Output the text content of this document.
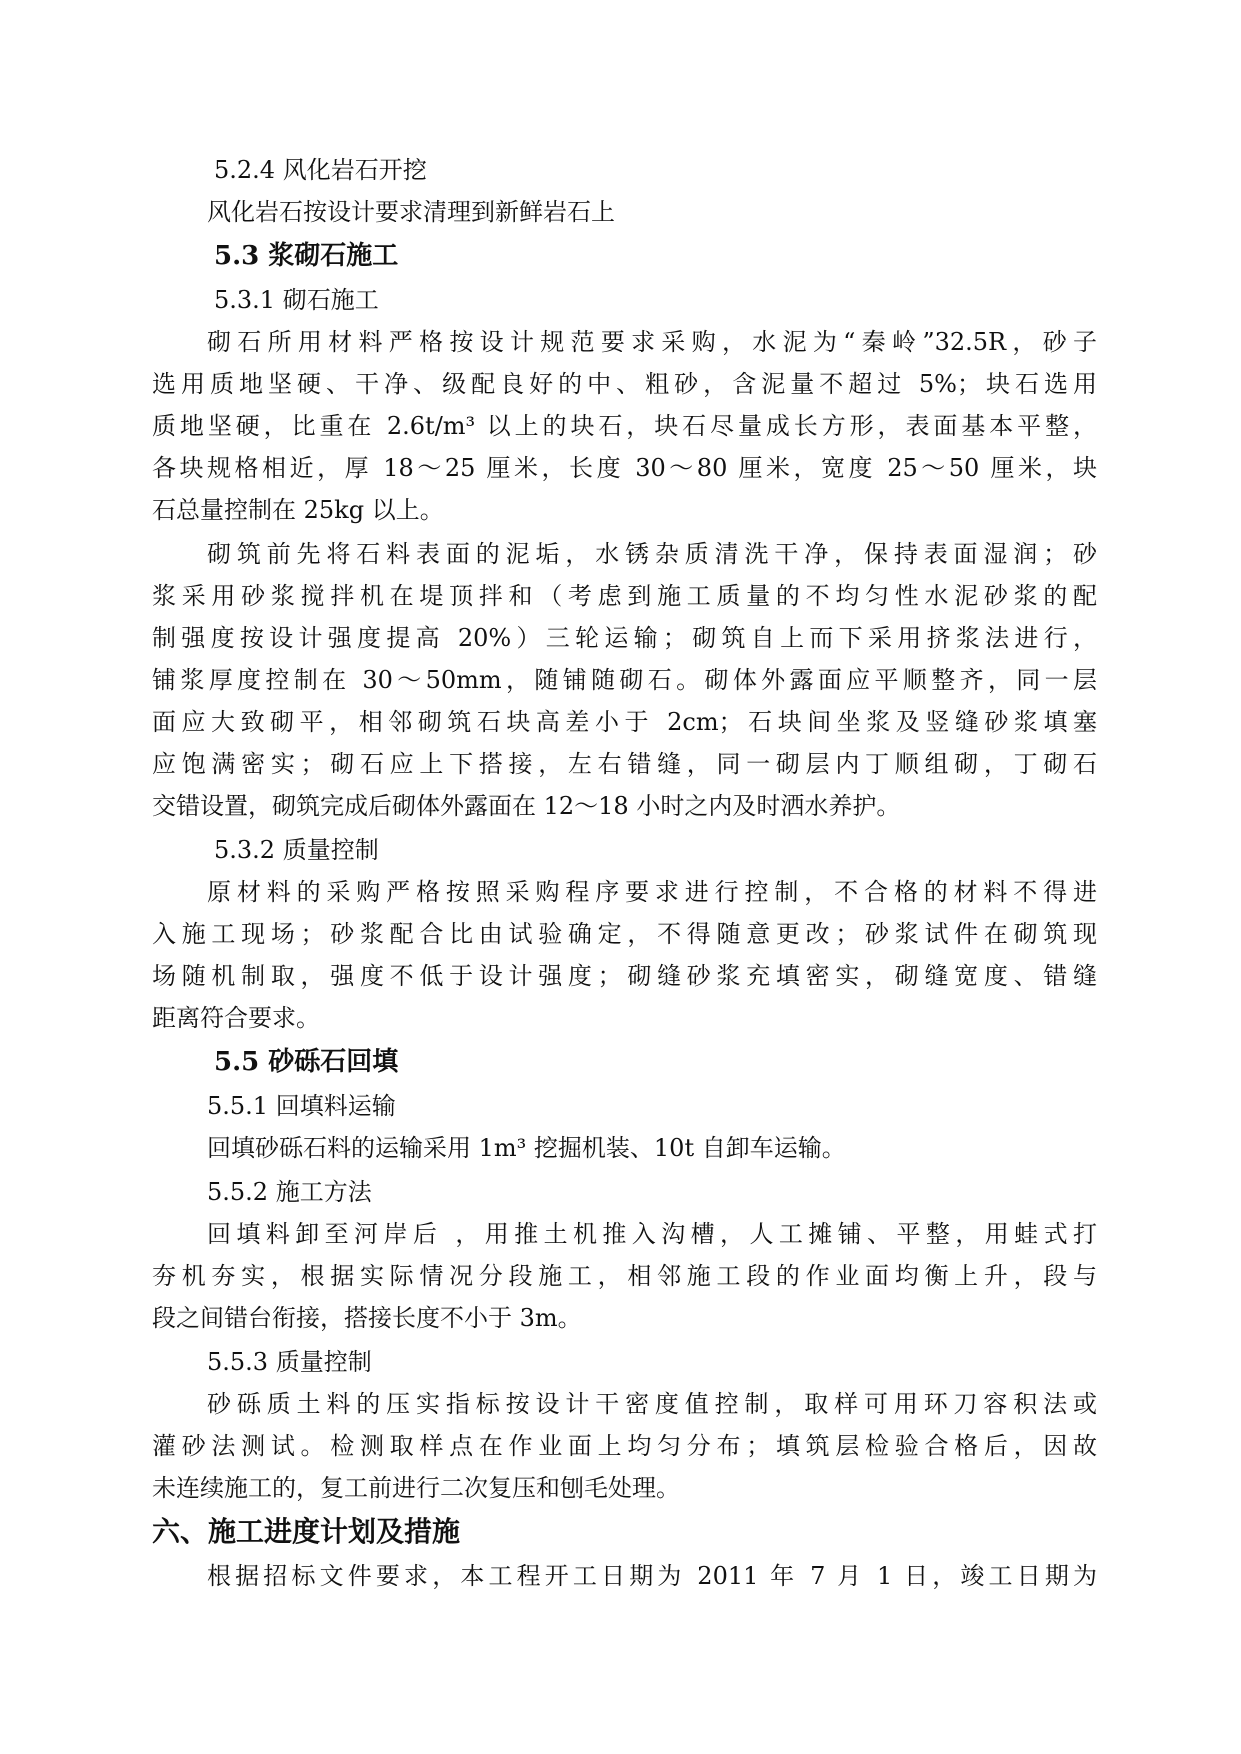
5.2.4 风化岩石开挖
风化岩石按设计要求清理到新鲜岩石上
5.3 浆砌石施工
5.3.1 砌石施工
砌石所用材料严格按设计规范要求采购，水泥为“秦岭”32.5R，砂子
选用质地坚硬、干净、级配良好的中、粗砂，含泥量不超过 5%；块石选用
质地坚硬，比重在 2.6t/m³ 以上的块石，块石尽量成长方形，表面基本平整，
各块规格相近，厚 18～25 厘米，长度 30～80 厘米，宽度 25～50 厘米，块
石总量控制在 25kg 以上。
砌筑前先将石料表面的泥垢，水锈杂质清洗干净，保持表面湿润；砂
浆采用砂浆搅拌机在堤顶拌和（考虑到施工质量的不均匀性水泥砂浆的配
制强度按设计强度提高 20%）三轮运输；砌筑自上而下采用挤浆法进行，
铺浆厚度控制在 30～50mm，随铺随砌石。砌体外露面应平顺整齐，同一层
面应大致砌平，相邻砌筑石块高差小于 2cm；石块间坐浆及竖缝砂浆填塞
应饱满密实；砌石应上下搭接，左右错缝，同一砌层内丁顺组砌，丁砌石
交错设置，砌筑完成后砌体外露面在 12～18 小时之内及时洒水养护。
5.3.2 质量控制
原材料的采购严格按照采购程序要求进行控制，不合格的材料不得进
入施工现场；砂浆配合比由试验确定，不得随意更改；砂浆试件在砌筑现
场随机制取，强度不低于设计强度；砌缝砂浆充填密实，砌缝宽度、错缝
距离符合要求。
5.5 砂砾石回填
5.5.1 回填料运输
回填砂砾石料的运输采用 1m³ 挖掘机装、10t 自卸车运输。
5.5.2 施工方法
回填料卸至河岸后 ，用推土机推入沟槽，人工摊铺、平整，用蛙式打
夯机夯实，根据实际情况分段施工，相邻施工段的作业面均衡上升，段与
段之间错台衔接，搭接长度不小于 3m。
5.5.3 质量控制
砂砾质土料的压实指标按设计干密度值控制，取样可用环刀容积法或
灌砂法测试。检测取样点在作业面上均匀分布；填筑层检验合格后，因故
未连续施工的，复工前进行二次复压和刨毛处理。
六、施工进度计划及措施
根据招标文件要求，本工程开工日期为 2011 年 7 月 1 日，竣工日期为
